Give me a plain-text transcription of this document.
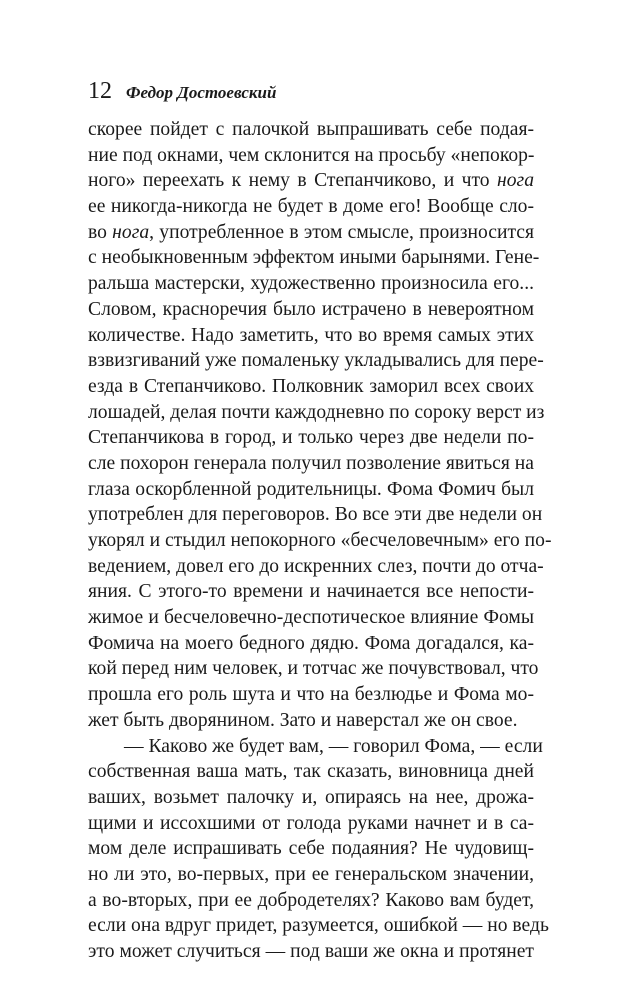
12 Федор Достоевский
скорее пойдет с палочкой выпрашивать себе подая-
ние под окнами, чем склонится на просьбу «непокор-
ного» переехать к нему в Степанчиково, и что нога
ее никогда-никогда не будет в доме его! Вообще сло-
во нога, употребленное в этом смысле, произносится
с необыкновенным эффектом иными барынями. Гене-
ральша мастерски, художественно произносила его...
Словом, красноречия было истрачено в невероятном
количестве. Надо заметить, что во время самых этих
взвизгиваний уже помаленьку укладывались для пере-
езда в Степанчиково. Полковник заморил всех своих
лошадей, делая почти каждодневно по сороку верст из
Степанчикова в город, и только через две недели по-
сле похорон генерала получил позволение явиться на
глаза оскорбленной родительницы. Фома Фомич был
употреблен для переговоров. Во все эти две недели он
укорял и стыдил непокорного «бесчеловечным» его по-
ведением, довел его до искренних слез, почти до отча-
яния. С этого-то времени и начинается все непости-
жимое и бесчеловечно-деспотическое влияние Фомы
Фомича на моего бедного дядю. Фома догадался, ка-
кой перед ним человек, и тотчас же почувствовал, что
прошла его роль шута и что на безлюдье и Фома мо-
жет быть дворянином. Зато и наверстал же он свое.
— Каково же будет вам, — говорил Фома, — если
собственная ваша мать, так сказать, виновница дней
ваших, возьмет палочку и, опираясь на нее, дрожа-
щими и иссохшими от голода руками начнет и в са-
мом деле испрашивать себе подаяния? Не чудовищ-
но ли это, во-первых, при ее генеральском значении,
а во-вторых, при ее добродетелях? Каково вам будет,
если она вдруг придет, разумеется, ошибкой — но ведь
это может случиться — под ваши же окна и протянет
